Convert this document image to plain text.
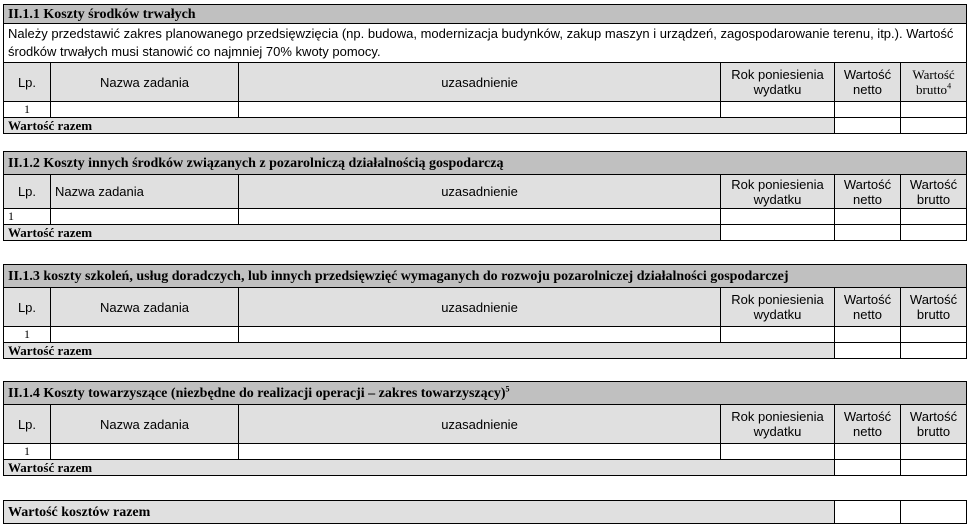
II.1.1 Koszty środków trwałych					
Należy przedstawić zakres planowanego przedsięwzięcia (np. budowa, modernizacja budynków, zakup maszyn i urządzeń, zagospodarowanie terenu, itp.). Wartość środków trwałych musi stanowić co najmniej 70% kwoty pomocy.					
Lp.	Nazwa zadania	uzasadnienie	Rok poniesienia wydatku	Wartość netto	Wartość brutto$^4$
1					
Wartość razem					
II.1.2 Koszty innych środków związanych z pozarolniczą działalnością gospodarczą					
Lp.	Nazwa zadania	uzasadnienie	Rok poniesienia wydatku	Wartość netto	Wartość brutto
1					
Wartość razem					
II.1.3 koszty szkoleń, usług doradczych, lub innych przedsięwzięć wymaganych do rozwoju pozarolniczej działalności gospodarczej					
Lp.	Nazwa zadania	uzasadnienie	Rok poniesienia wydatku	Wartość netto	Wartość brutto
1					
Wartość razem					
II.1.4 Koszty towarzyszące (niezbędne do realizacji operacji – zakres towarzyszący)$^5$
Lp.	Nazwa zadania	uzasadnienie	Rok poniesienia wydatku	Wartość netto	Wartość brutto
1					
Wartość razem					
Wartość kosztów razem		
